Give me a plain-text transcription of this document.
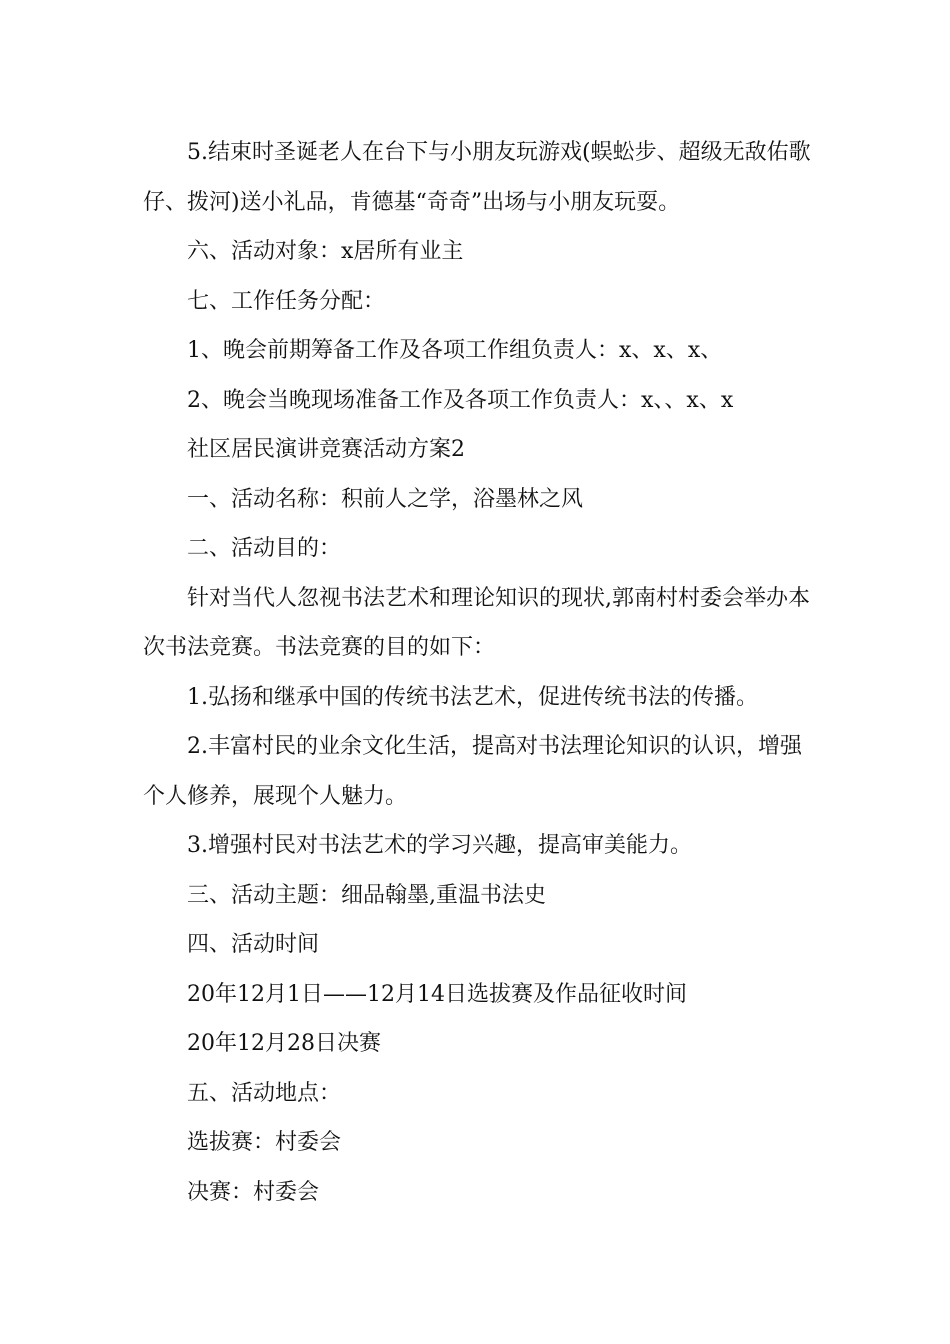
5.结束时圣诞老人在台下与小朋友玩游戏(蜈蚣步、超级无敌佑歌仔、拨河)送小礼品，肯德基“奇奇”出场与小朋友玩耍。

六、活动对象：x居所有业主

七、工作任务分配：

1、晚会前期筹备工作及各项工作组负责人：x、x、x、

2、晚会当晚现场准备工作及各项工作负责人：x、、x、x

社区居民演讲竞赛活动方案2

一、活动名称：积前人之学，浴墨林之风

二、活动目的：

针对当代人忽视书法艺术和理论知识的现状,郭南村村委会举办本次书法竞赛。书法竞赛的目的如下：

1.弘扬和继承中国的传统书法艺术，促进传统书法的传播。

2.丰富村民的业余文化生活，提高对书法理论知识的认识，增强个人修养，展现个人魅力。

3.增强村民对书法艺术的学习兴趣，提高审美能力。

三、活动主题：细品翰墨,重温书法史

四、活动时间

20年12月1日——12月14日选拔赛及作品征收时间

20年12月28日决赛

五、活动地点：

选拔赛：村委会

决赛：村委会
